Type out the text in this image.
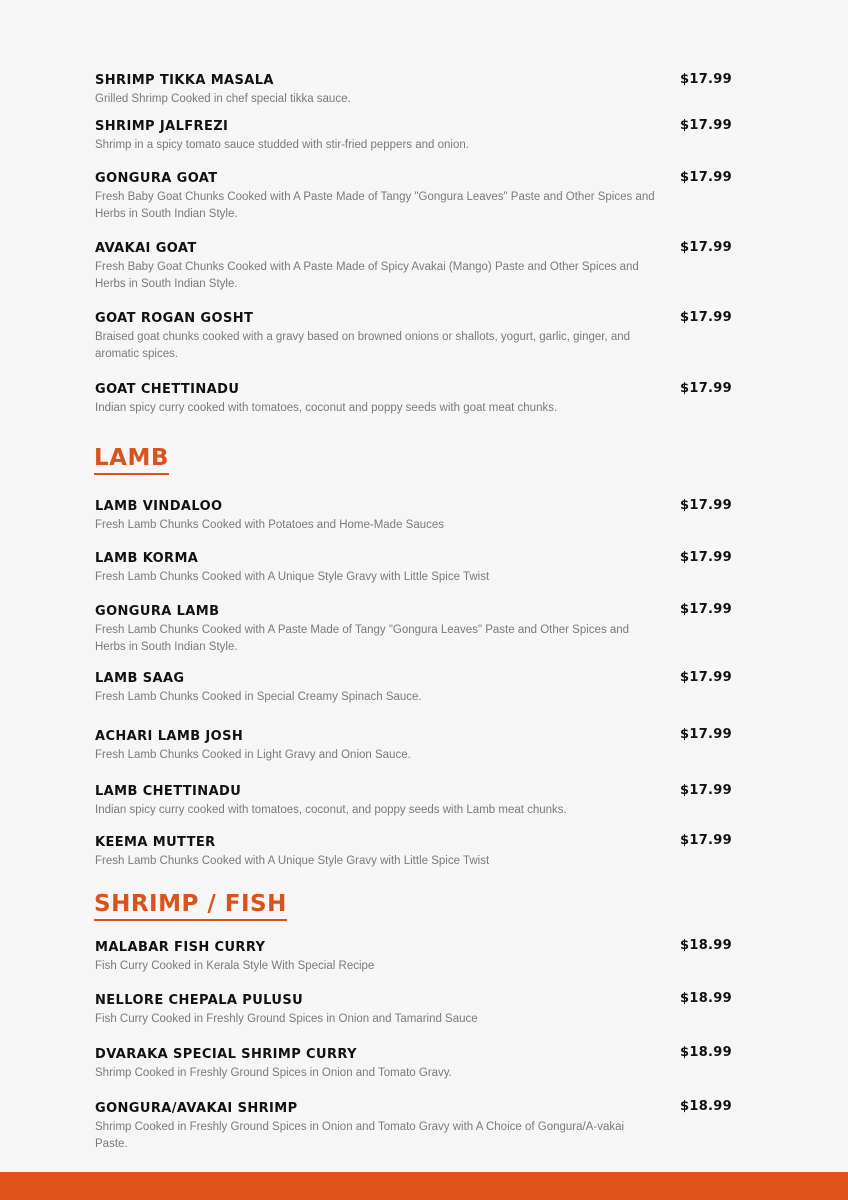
SHRIMP TIKKA MASALA
Grilled Shrimp Cooked in chef special tikka sauce.
$17.99
SHRIMP JALFREZI
Shrimp in a spicy tomato sauce studded with stir-fried peppers and onion.
$17.99
GONGURA GOAT
Fresh Baby Goat Chunks Cooked with A Paste Made of Tangy "Gongura Leaves" Paste and Other Spices and Herbs in South Indian Style.
$17.99
AVAKAI GOAT
Fresh Baby Goat Chunks Cooked with A Paste Made of Spicy Avakai (Mango) Paste and Other Spices and Herbs in South Indian Style.
$17.99
GOAT ROGAN GOSHT
Braised goat chunks cooked with a gravy based on browned onions or shallots, yogurt, garlic, ginger, and aromatic spices.
$17.99
GOAT CHETTINADU
Indian spicy curry cooked with tomatoes, coconut and poppy seeds with goat meat chunks.
$17.99
LAMB
LAMB VINDALOO
Fresh Lamb Chunks Cooked with Potatoes and Home-Made Sauces
$17.99
LAMB KORMA
Fresh Lamb Chunks Cooked with A Unique Style Gravy with Little Spice Twist
$17.99
GONGURA LAMB
Fresh Lamb Chunks Cooked with A Paste Made of Tangy "Gongura Leaves" Paste and Other Spices and Herbs in South Indian Style.
$17.99
LAMB SAAG
Fresh Lamb Chunks Cooked in Special Creamy Spinach Sauce.
$17.99
ACHARI LAMB JOSH
Fresh Lamb Chunks Cooked in Light Gravy and Onion Sauce.
$17.99
LAMB CHETTINADU
Indian spicy curry cooked with tomatoes, coconut, and poppy seeds with Lamb meat chunks.
$17.99
KEEMA MUTTER
Fresh Lamb Chunks Cooked with A Unique Style Gravy with Little Spice Twist
$17.99
SHRIMP / FISH
MALABAR FISH CURRY
Fish Curry Cooked in Kerala Style With Special Recipe
$18.99
NELLORE CHEPALA PULUSU
Fish Curry Cooked in Freshly Ground Spices in Onion and Tamarind Sauce
$18.99
DVARAKA SPECIAL SHRIMP CURRY
Shrimp Cooked in Freshly Ground Spices in Onion and Tomato Gravy.
$18.99
GONGURA/AVAKAI SHRIMP
Shrimp Cooked in Freshly Ground Spices in Onion and Tomato Gravy with A Choice of Gongura/A-vakai Paste.
$18.99
